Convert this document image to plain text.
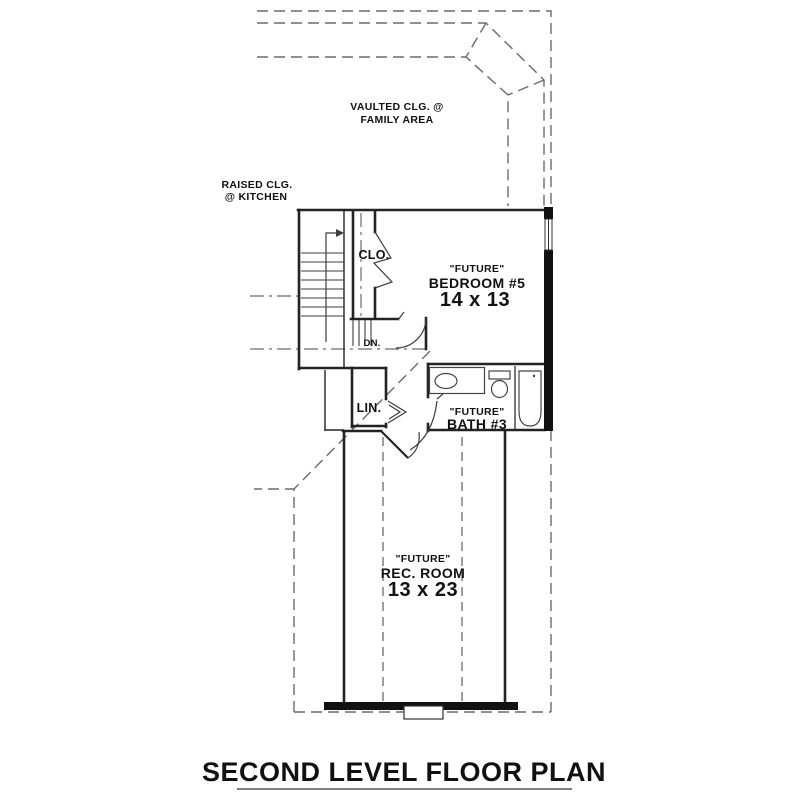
VAULTED CLG. @
FAMILY AREA
RAISED CLG.
@ KITCHEN
CLO.
DN.
LIN.
"FUTURE"
BEDROOM #5
14 x 13
"FUTURE"
BATH #3
"FUTURE"
REC. ROOM
13 x 23
SECOND LEVEL FLOOR PLAN
